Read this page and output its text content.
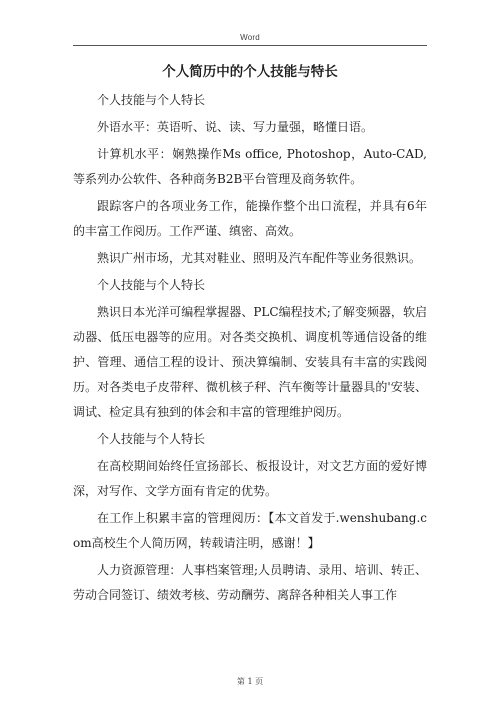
Word
个人简历中的个人技能与特长

个人技能与个人特长

外语水平：英语听、说、读、写力量强，略懂日语。

计算机水平：娴熟操作Ms office, Photoshop，Auto-CAD,等系列办公软件、各种商务B2B平台管理及商务软件。

跟踪客户的各项业务工作，能操作整个出口流程，并具有6年的丰富工作阅历。工作严谨、缜密、高效。

熟识广州市场，尤其对鞋业、照明及汽车配件等业务很熟识。

个人技能与个人特长

熟识日本光洋可编程掌握器、PLC编程技术;了解变频器，软启动器、低压电器等的应用。对各类交换机、调度机等通信设备的维护、管理、通信工程的设计、预决算编制、安装具有丰富的实践阅历。对各类电子皮带秤、微机核子秤、汽车衡等计量器具的'安装、调试、检定具有独到的体会和丰富的管理维护阅历。

个人技能与个人特长

在高校期间始终任宣扬部长、板报设计，对文艺方面的爱好博深，对写作、文学方面有肯定的优势。

在工作上积累丰富的管理阅历：【本文首发于.wenshubang.com高校生个人简历网，转载请注明，感谢！】

人力资源管理：人事档案管理;人员聘请、录用、培训、转正、劳动合同签订、绩效考核、劳动酬劳、离辞各种相关人事工作

第 1 页
